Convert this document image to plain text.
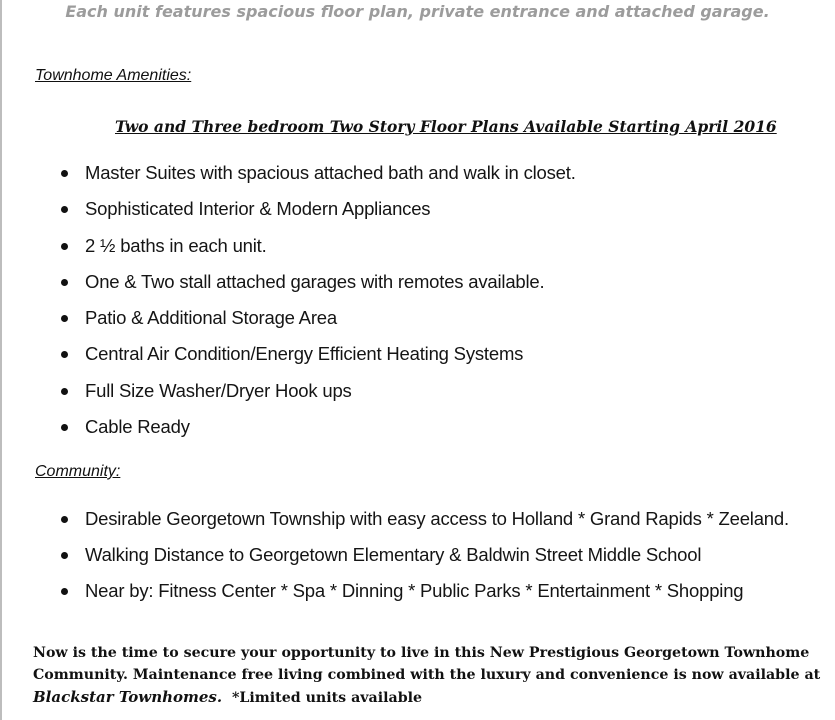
Each unit features spacious floor plan, private entrance and attached garage.
Townhome Amenities:
Two and Three bedroom Two Story Floor Plans Available Starting April 2016
Master Suites with spacious attached bath and walk in closet.
Sophisticated Interior & Modern Appliances
2 ½ baths in each unit.
One & Two stall attached garages with remotes available.
Patio & Additional Storage Area
Central Air Condition/Energy Efficient Heating Systems
Full Size Washer/Dryer Hook ups
Cable Ready
Community:
Desirable Georgetown Township with easy access to Holland * Grand Rapids * Zeeland.
Walking Distance to Georgetown Elementary & Baldwin Street Middle School
Near by: Fitness Center * Spa * Dinning * Public Parks * Entertainment * Shopping
Now is the time to secure your opportunity to live in this New Prestigious Georgetown Townhome
Community. Maintenance free living combined with the luxury and convenience is now available at
Blackstar Townhomes.  *Limited units available
